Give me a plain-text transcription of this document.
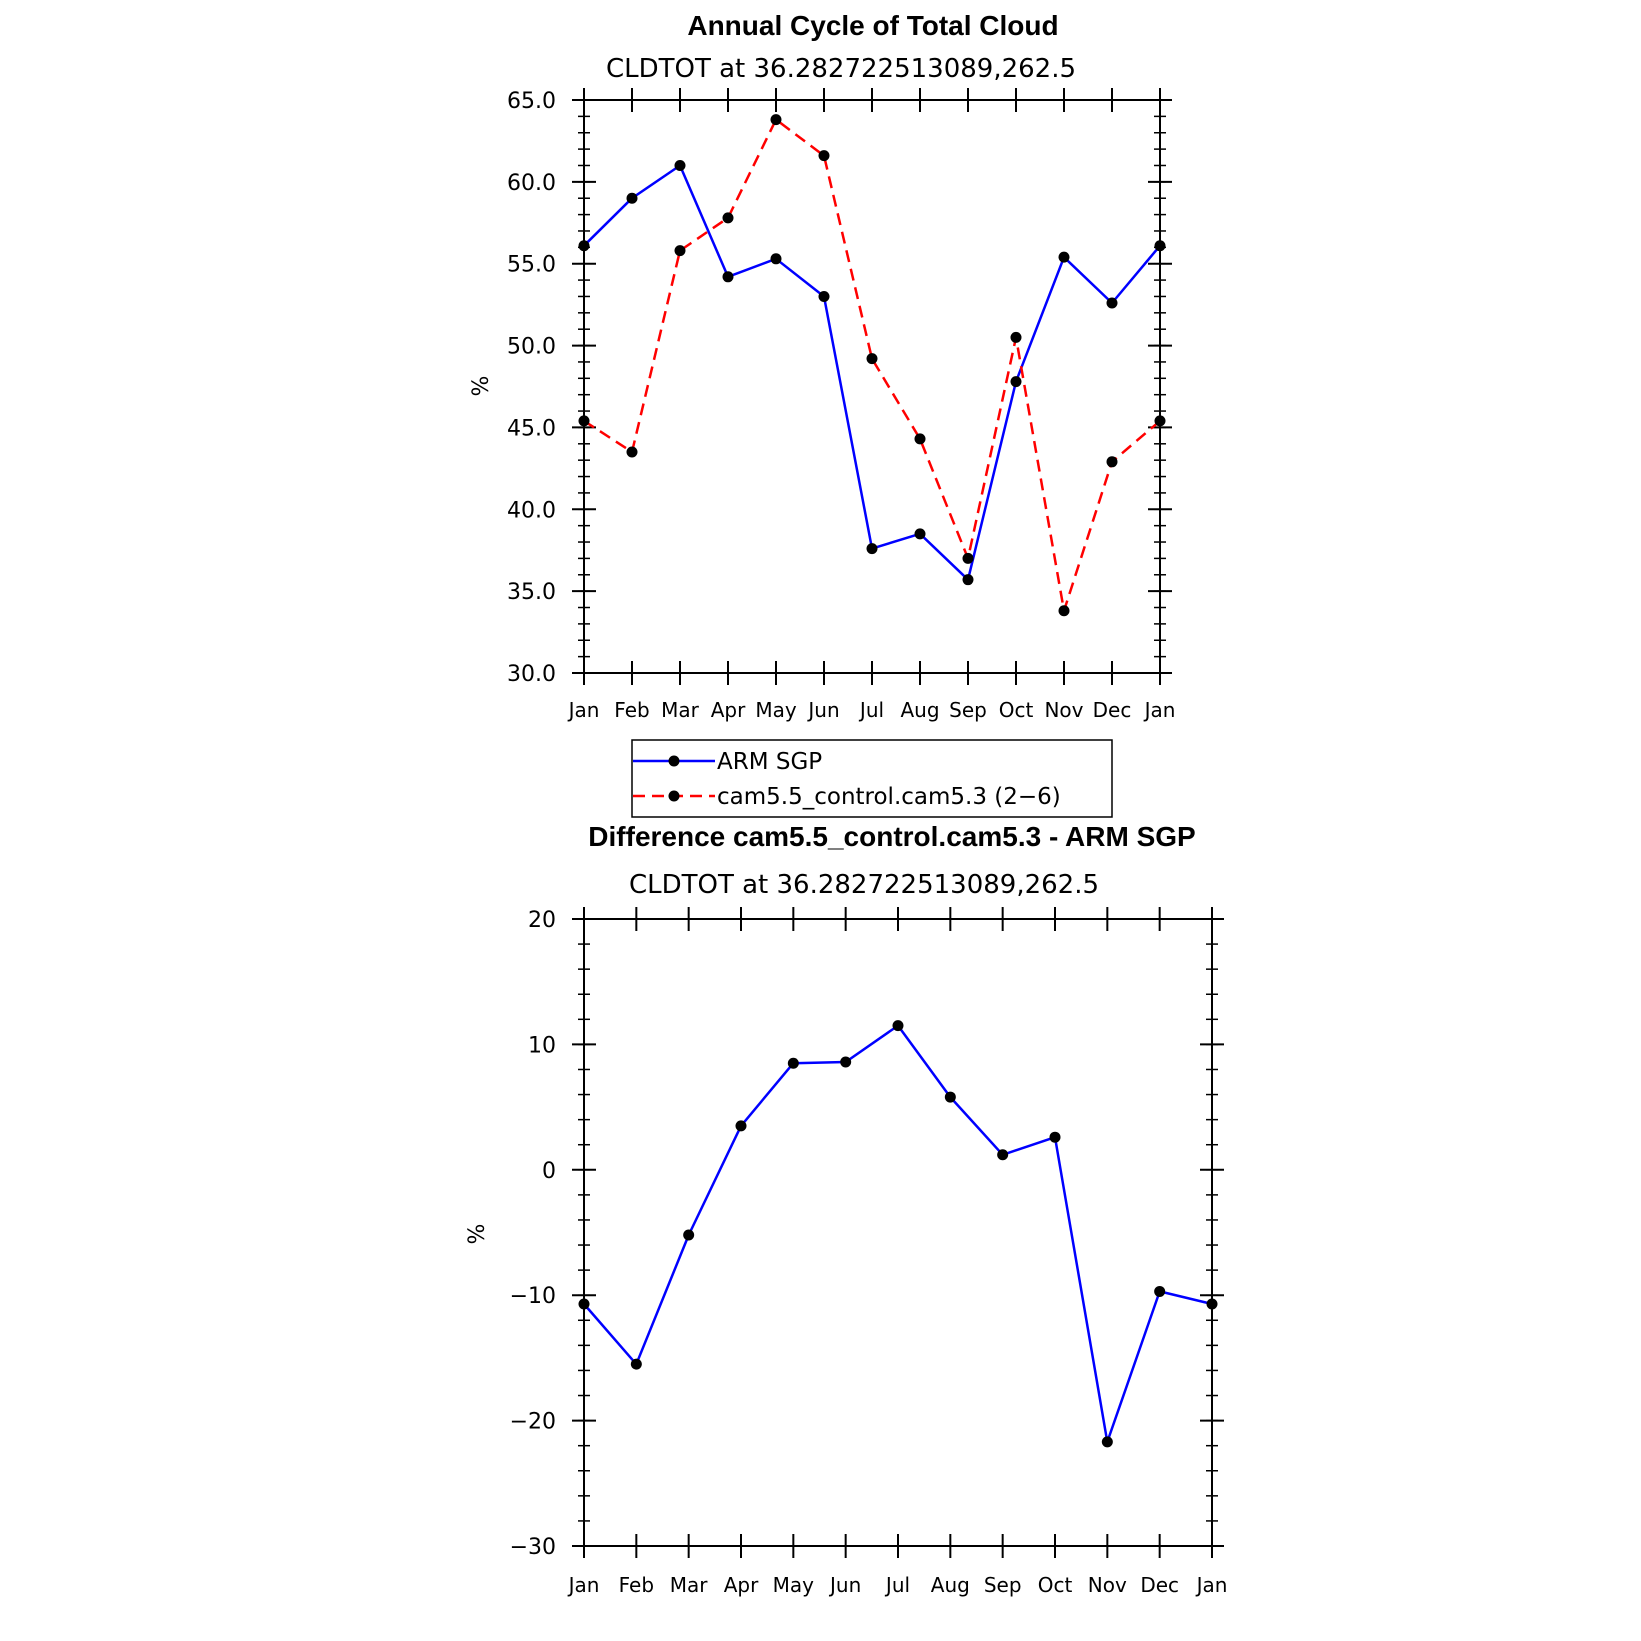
Annual Cycle of Total Cloud
CLDTOT at 36.282722513089,262.5
%
30.0
35.0
40.0
45.0
50.0
55.0
60.0
65.0
Jan Feb Mar Apr May Jun Jul Aug Sep Oct Nov Dec Jan
ARM SGP
cam5.5_control.cam5.3 (2−6)
Difference cam5.5_control.cam5.3 - ARM SGP
CLDTOT at 36.282722513089,262.5
%
−30
−20
−10
0
10
20
Jan Feb Mar Apr May Jun Jul Aug Sep Oct Nov Dec Jan
